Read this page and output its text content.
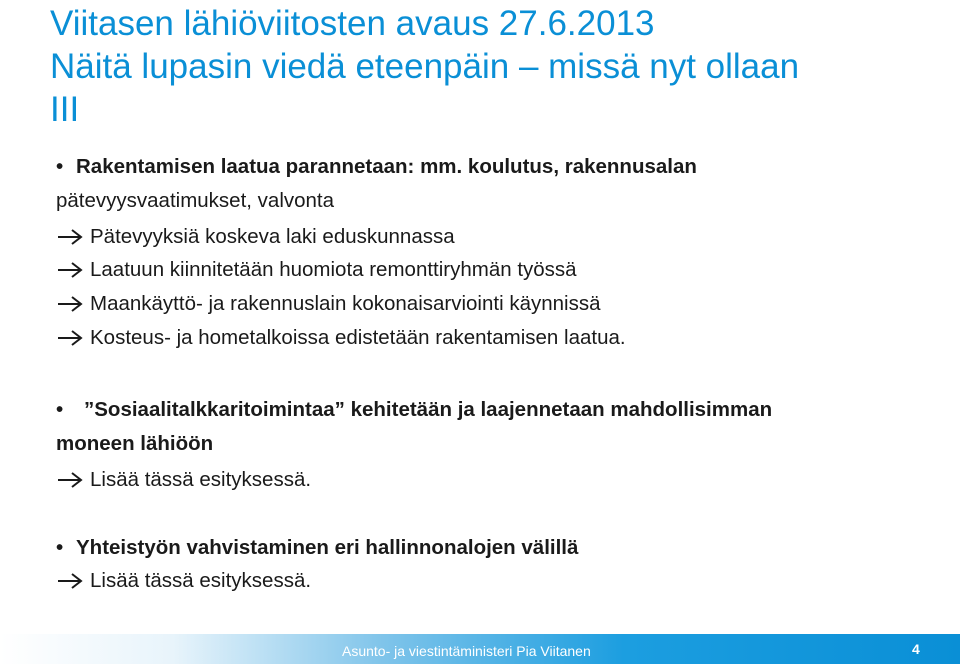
Viitasen lähiöviitosten avaus 27.6.2013
Näitä lupasin viedä eteenpäin – missä nyt ollaan
III
• Rakentamisen laatua parannetaan: mm. koulutus, rakennusalan
pätevyysvaatimukset, valvonta
Pätevyyksiä koskeva laki eduskunnassa
Laatuun kiinnitetään huomiota remonttiryhmän työssä
Maankäyttö- ja rakennuslain kokonaisarviointi käynnissä
Kosteus- ja hometalkoissa edistetään rakentamisen laatua.
• ”Sosiaalitalkkaritoimintaa” kehitetään ja laajennetaan mahdollisimman
moneen lähiöön
Lisää tässä esityksessä.
• Yhteistyön vahvistaminen eri hallinnonalojen välillä
Lisää tässä esityksessä.
Asunto- ja viestintäministeri Pia Viitanen	4
